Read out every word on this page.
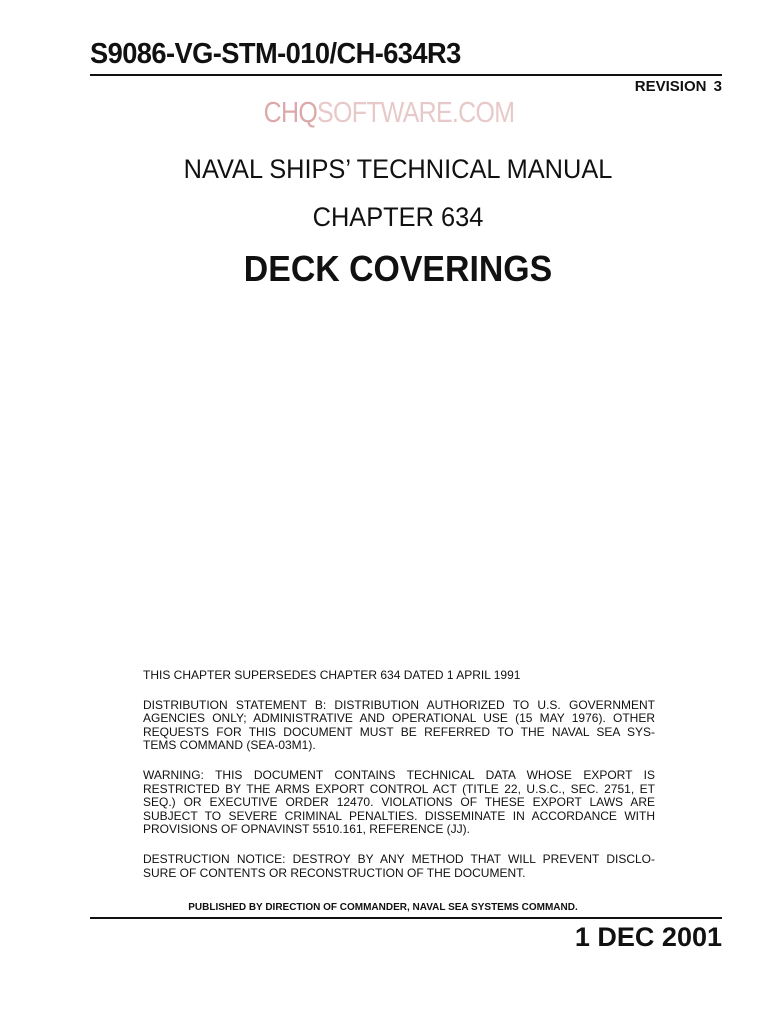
S9086-VG-STM-010/CH-634R3
REVISION 3
CHQSOFTWARE.COM
NAVAL SHIPS’ TECHNICAL MANUAL
CHAPTER 634
DECK COVERINGS

THIS CHAPTER SUPERSEDES CHAPTER 634 DATED 1 APRIL 1991

DISTRIBUTION STATEMENT B: DISTRIBUTION AUTHORIZED TO U.S. GOVERNMENT
AGENCIES ONLY; ADMINISTRATIVE AND OPERATIONAL USE (15 MAY 1976). OTHER
REQUESTS FOR THIS DOCUMENT MUST BE REFERRED TO THE NAVAL SEA SYS-
TEMS COMMAND (SEA-03M1).

WARNING: THIS DOCUMENT CONTAINS TECHNICAL DATA WHOSE EXPORT IS
RESTRICTED BY THE ARMS EXPORT CONTROL ACT (TITLE 22, U.S.C., SEC. 2751, ET
SEQ.) OR EXECUTIVE ORDER 12470. VIOLATIONS OF THESE EXPORT LAWS ARE
SUBJECT TO SEVERE CRIMINAL PENALTIES. DISSEMINATE IN ACCORDANCE WITH
PROVISIONS OF OPNAVINST 5510.161, REFERENCE (JJ).

DESTRUCTION NOTICE: DESTROY BY ANY METHOD THAT WILL PREVENT DISCLO-
SURE OF CONTENTS OR RECONSTRUCTION OF THE DOCUMENT.

PUBLISHED BY DIRECTION OF COMMANDER, NAVAL SEA SYSTEMS COMMAND.
1 DEC 2001
